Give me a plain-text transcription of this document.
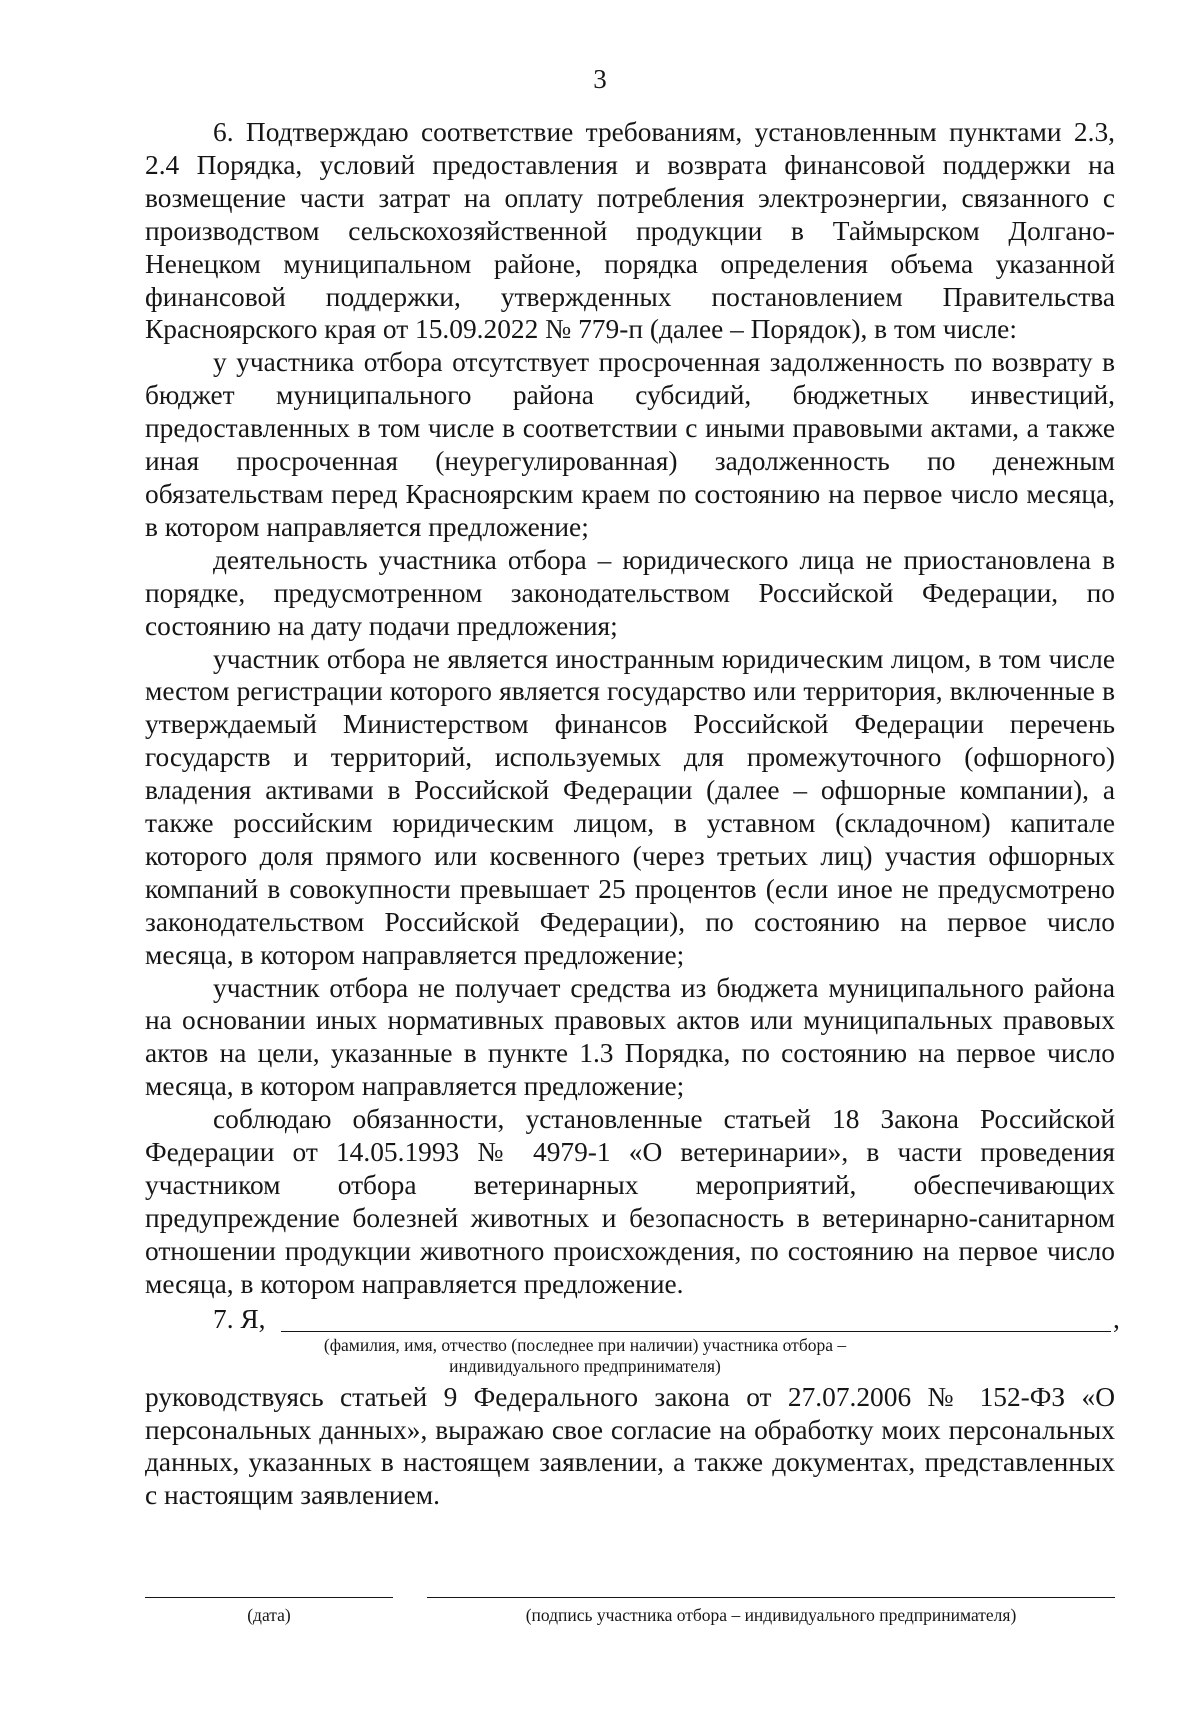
3

6. Подтверждаю соответствие требованиям, установленным пунктами 2.3, 2.4 Порядка, условий предоставления и возврата финансовой поддержки на возмещение части затрат на оплату потребления электроэнергии, связанного с производством сельскохозяйственной продукции в Таймырском Долгано-Ненецком муниципальном районе, порядка определения объема указанной финансовой поддержки, утвержденных постановлением Правительства Красноярского края от 15.09.2022 № 779-п (далее – Порядок), в том числе:

у участника отбора отсутствует просроченная задолженность по возврату в бюджет муниципального района субсидий, бюджетных инвестиций, предоставленных в том числе в соответствии с иными правовыми актами, а также иная просроченная (неурегулированная) задолженность по денежным обязательствам перед Красноярским краем по состоянию на первое число месяца, в котором направляется предложение;

деятельность участника отбора – юридического лица не приостановлена в порядке, предусмотренном законодательством Российской Федерации, по состоянию на дату подачи предложения;

участник отбора не является иностранным юридическим лицом, в том числе местом регистрации которого является государство или территория, включенные в утверждаемый Министерством финансов Российской Федерации перечень государств и территорий, используемых для промежуточного (офшорного) владения активами в Российской Федерации (далее – офшорные компании), а также российским юридическим лицом, в уставном (складочном) капитале которого доля прямого или косвенного (через третьих лиц) участия офшорных компаний в совокупности превышает 25 процентов (если иное не предусмотрено законодательством Российской Федерации), по состоянию на первое число месяца, в котором направляется предложение;

участник отбора не получает средства из бюджета муниципального района на основании иных нормативных правовых актов или муниципальных правовых актов на цели, указанные в пункте 1.3 Порядка, по состоянию на первое число месяца, в котором направляется предложение;

соблюдаю обязанности, установленные статьей 18 Закона Российской Федерации от 14.05.1993 № 4979-1 «О ветеринарии», в части проведения участником отбора ветеринарных мероприятий, обеспечивающих предупреждение болезней животных и безопасность в ветеринарно-санитарном отношении продукции животного происхождения, по состоянию на первое число месяца, в котором направляется предложение.

7. Я,	,
(фамилия, имя, отчество (последнее при наличии) участника отбора –
индивидуального предпринимателя)

руководствуясь статьей 9 Федерального закона от 27.07.2006 № 152-ФЗ «О персональных данных», выражаю свое согласие на обработку моих персональных данных, указанных в настоящем заявлении, а также документах, представленных с настоящим заявлением.

(дата)	(подпись участника отбора – индивидуального предпринимателя)
